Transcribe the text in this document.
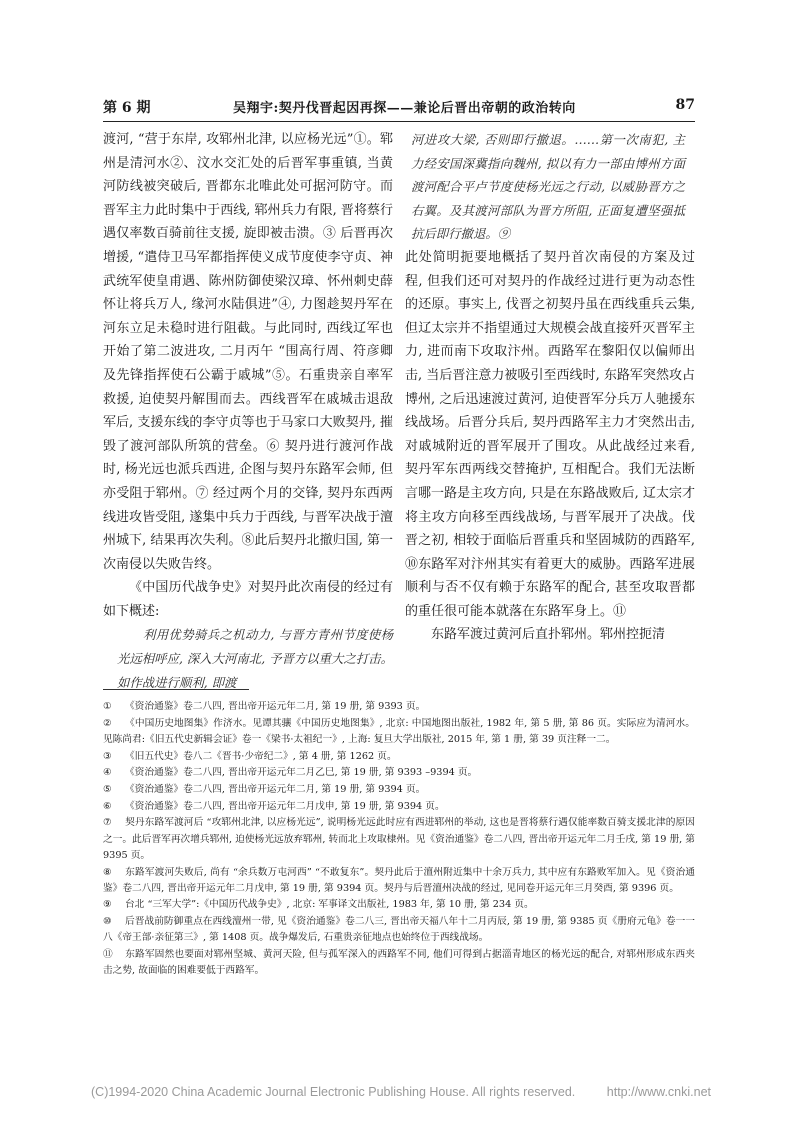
第 6 期	吴翔宇:契丹伐晋起因再探——兼论后晋出帝朝的政治转向	87

渡河, “营于东岸, 攻郓州北津, 以应杨光远”①。郓州是清河水②、汶水交汇处的后晋军事重镇, 当黄河防线被突破后, 晋都东北唯此处可据河防守。而晋军主力此时集中于西线, 郓州兵力有限, 晋将蔡行遇仅率数百骑前往支援, 旋即被击溃。③ 后晋再次增援, “遣侍卫马军都指挥使义成节度使李守贞、神武统军使皇甫遇、陈州防御使梁汉璋、怀州刺史薛怀让将兵万人, 缘河水陆俱进”④, 力图趁契丹军在河东立足未稳时进行阻截。与此同时, 西线辽军也开始了第二波进攻, 二月丙午 “围高行周、符彦卿及先锋指挥使石公霸于戚城”⑤。石重贵亲自率军救援, 迫使契丹解围而去。西线晋军在戚城击退敌军后, 支援东线的李守贞等也于马家口大败契丹, 摧毁了渡河部队所筑的营垒。⑥ 契丹进行渡河作战时, 杨光远也派兵西进, 企图与契丹东路军会师, 但亦受阻于郓州。⑦ 经过两个月的交锋, 契丹东西两线进攻皆受阻, 遂集中兵力于西线, 与晋军决战于澶州城下, 结果再次失利。⑧此后契丹北撤归国, 第一次南侵以失败告终。

《中国历代战争史》对契丹此次南侵的经过有如下概述:

利用优势骑兵之机动力, 与晋方青州节度使杨光远相呼应, 深入大河南北, 予晋方以重大之打击。如作战进行顺利, 即渡

河进攻大梁, 否则即行撤退。……第一次南犯, 主力经安国深冀指向魏州, 拟以有力一部由博州方面渡河配合平卢节度使杨光远之行动, 以威胁晋方之右翼。及其渡河部队为晋方所阻, 正面复遭坚强抵抗后即行撤退。⑨

此处简明扼要地概括了契丹首次南侵的方案及过程, 但我们还可对契丹的作战经过进行更为动态性的还原。事实上, 伐晋之初契丹虽在西线重兵云集, 但辽太宗并不指望通过大规模会战直接歼灭晋军主力, 进而南下攻取汴州。西路军在黎阳仅以偏师出击, 当后晋注意力被吸引至西线时, 东路军突然攻占博州, 之后迅速渡过黄河, 迫使晋军分兵万人驰援东线战场。后晋分兵后, 契丹西路军主力才突然出击, 对戚城附近的晋军展开了围攻。从此战经过来看, 契丹军东西两线交替掩护, 互相配合。我们无法断言哪一路是主攻方向, 只是在东路战败后, 辽太宗才将主攻方向移至西线战场, 与晋军展开了决战。伐晋之初, 相较于面临后晋重兵和坚固城防的西路军, ⑩东路军对汴州其实有着更大的威胁。西路军进展顺利与否不仅有赖于东路军的配合, 甚至攻取晋都的重任很可能本就落在东路军身上。⑪

东路军渡过黄河后直扑郓州。郓州控扼清

① 《资治通鉴》卷二八四, 晋出帝开运元年二月, 第 19 册, 第 9393 页。

② 《中国历史地图集》作济水。见谭其骧《中国历史地图集》, 北京: 中国地图出版社, 1982 年, 第 5 册, 第 86 页。实际应为清河水。见陈尚君:《旧五代史新辑会证》卷一《梁书·太祖纪一》, 上海: 复旦大学出版社, 2015 年, 第 1 册, 第 39 页注释一二。

③ 《旧五代史》卷八二《晋书·少帝纪二》, 第 4 册, 第 1262 页。

④ 《资治通鉴》卷二八四, 晋出帝开运元年二月乙巳, 第 19 册, 第 9393 –9394 页。

⑤ 《资治通鉴》卷二八四, 晋出帝开运元年二月, 第 19 册, 第 9394 页。

⑥ 《资治通鉴》卷二八四, 晋出帝开运元年二月戊申, 第 19 册, 第 9394 页。

⑦ 契丹东路军渡河后 “攻郓州北津, 以应杨光远”, 说明杨光远此时应有西进郓州的举动, 这也是晋将蔡行遇仅能率数百骑支援北津的原因之一。此后晋军再次增兵郓州, 迫使杨光远放弃郓州, 转而北上攻取棣州。见《资治通鉴》卷二八四, 晋出帝开运元年二月壬戌, 第 19 册, 第 9395 页。

⑧ 东路军渡河失败后, 尚有 “余兵数万屯河西” “不敢复东”。契丹此后于澶州附近集中十余万兵力, 其中应有东路败军加入。见《资治通鉴》卷二八四, 晋出帝开运元年二月戊申, 第 19 册, 第 9394 页。契丹与后晋澶州决战的经过, 见同卷开运元年三月癸酉, 第 9396 页。

⑨ 台北 “三军大学”:《中国历代战争史》, 北京: 军事译文出版社, 1983 年, 第 10 册, 第 234 页。

⑩ 后晋战前防御重点在西线澶州一带, 见《资治通鉴》卷二八三, 晋出帝天福八年十二月丙辰, 第 19 册, 第 9385 页《册府元龟》卷一一八《帝王部·亲征第三》, 第 1408 页。战争爆发后, 石重贵亲征地点也始终位于西线战场。

⑪ 东路军固然也要面对郓州坚城、黄河天险, 但与孤军深入的西路军不同, 他们可得到占据淄青地区的杨光远的配合, 对郓州形成东西夹击之势, 故面临的困难要低于西路军。

(C)1994-2020 China Academic Journal Electronic Publishing House. All rights reserved.	http://www.cnki.net
